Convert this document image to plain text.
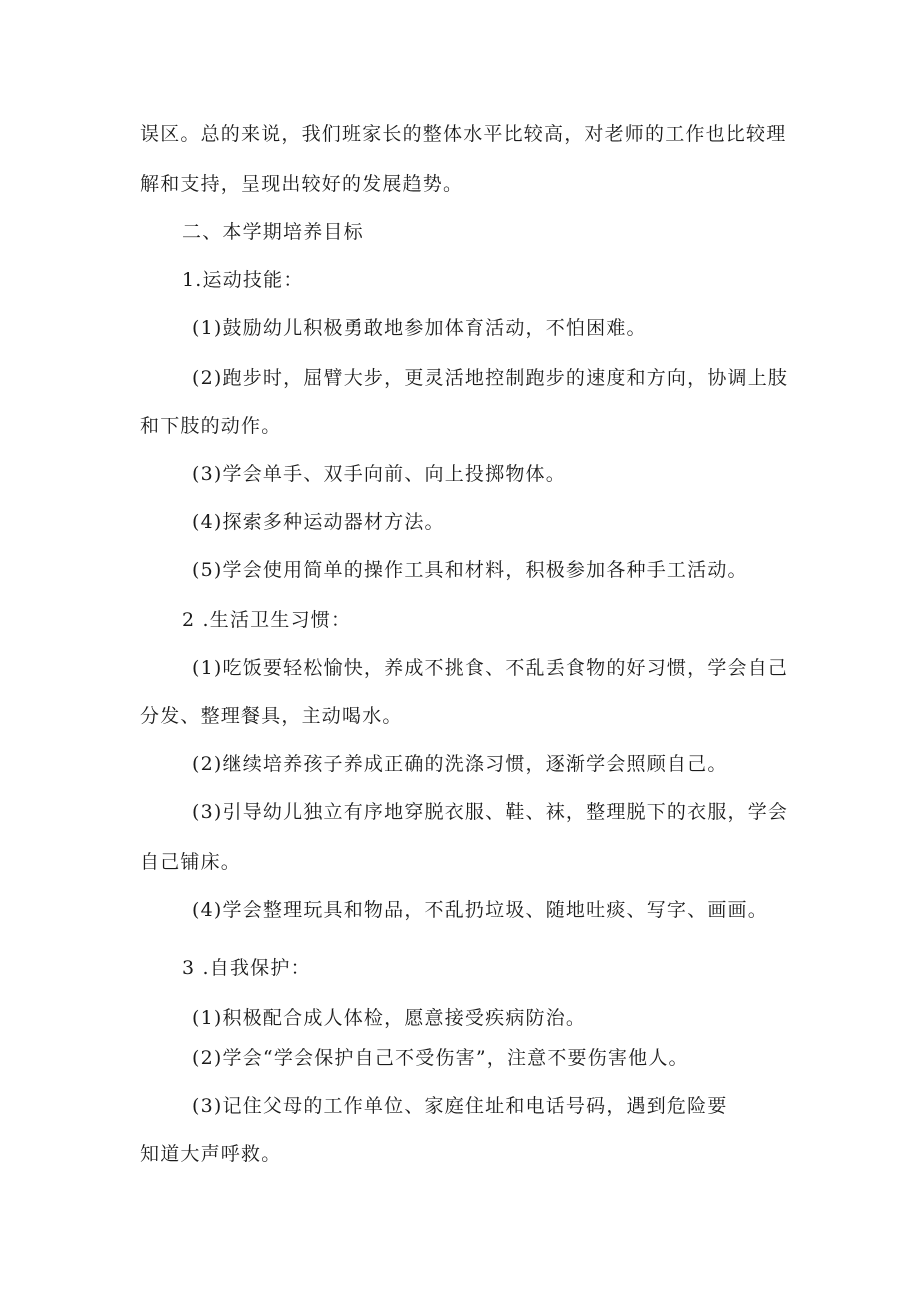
误区。总的来说，我们班家长的整体水平比较高，对老师的工作也比较理
解和支持，呈现出较好的发展趋势。
二、本学期培养目标
1.运动技能：
(1)鼓励幼儿积极勇敢地参加体育活动，不怕困难。
(2)跑步时，屈臂大步，更灵活地控制跑步的速度和方向，协调上肢
和下肢的动作。
(3)学会单手、双手向前、向上投掷物体。
(4)探索多种运动器材方法。
(5)学会使用简单的操作工具和材料，积极参加各种手工活动。
2 .生活卫生习惯：
(1)吃饭要轻松愉快，养成不挑食、不乱丢食物的好习惯，学会自己
分发、整理餐具，主动喝水。
(2)继续培养孩子养成正确的洗涤习惯，逐渐学会照顾自己。
(3)引导幼儿独立有序地穿脱衣服、鞋、袜，整理脱下的衣服，学会
自己铺床。
(4)学会整理玩具和物品，不乱扔垃圾、随地吐痰、写字、画画。
3 .自我保护：
(1)积极配合成人体检，愿意接受疾病防治。
(2)学会“学会保护自己不受伤害”，注意不要伤害他人。
(3)记住父母的工作单位、家庭住址和电话号码，遇到危险要
知道大声呼救。
